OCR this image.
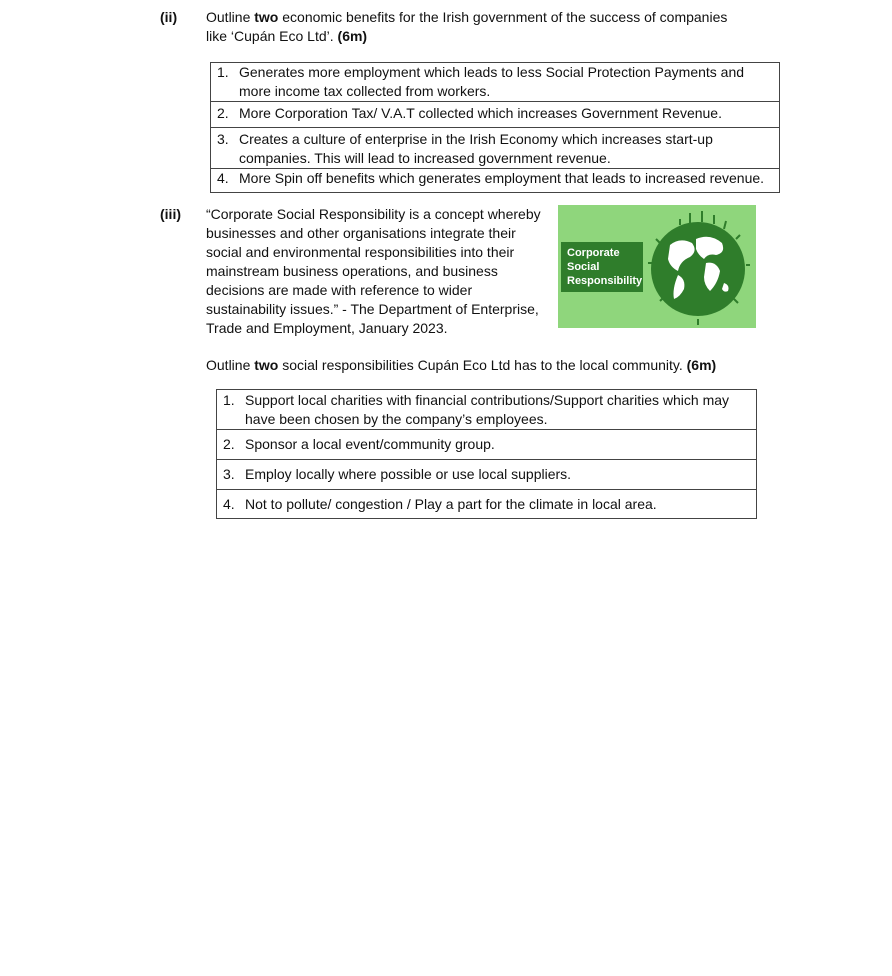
(ii) Outline two economic benefits for the Irish government of the success of companies like ‘Cupán Eco Ltd’. (6m)
1. Generates more employment which leads to less Social Protection Payments and more income tax collected from workers.
2. More Corporation Tax/ V.A.T collected which increases Government Revenue.
3.Creates a culture of enterprise in the Irish Economy which increases start-up companies. This will lead to increased government revenue.
4. More Spin off benefits which generates employment that leads to increased revenue.
(iii) “Corporate Social Responsibility is a concept whereby businesses and other organisations integrate their social and environmental responsibilities into their mainstream business operations, and business decisions are made with reference to wider sustainability issues.” - The Department of Enterprise, Trade and Employment, January 2023.
Corporate
Social
Responsibility
Outline two social responsibilities Cupán Eco Ltd has to the local community. (6m)
1. Support local charities with financial contributions/Support charities which may have been chosen by the company’s employees.
2. Sponsor a local event/community group.
3. Employ locally where possible or use local suppliers.
4. Not to pollute/ congestion / Play a part for the climate in local area.
